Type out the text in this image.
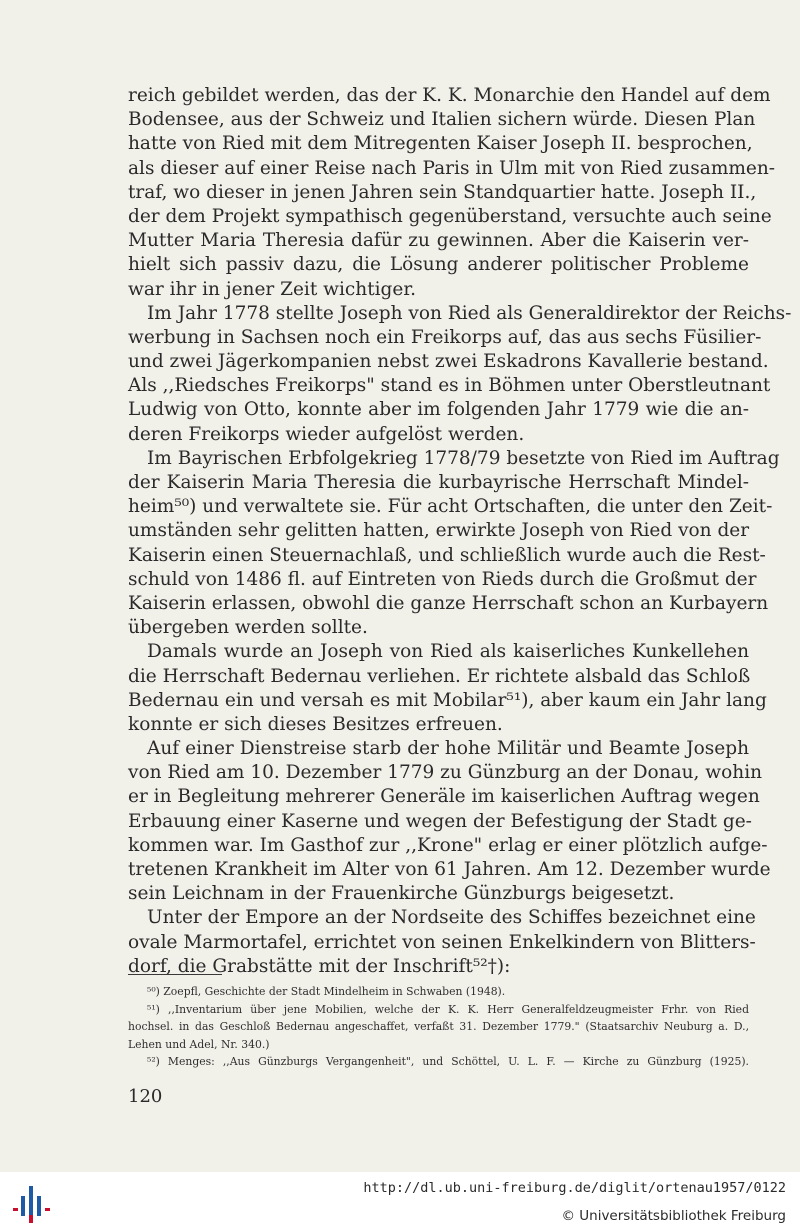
reich gebildet werden, das der K. K. Monarchie den Handel auf dem
Bodensee, aus der Schweiz und Italien sichern würde. Diesen Plan
hatte von Ried mit dem Mitregenten Kaiser Joseph II. besprochen,
als dieser auf einer Reise nach Paris in Ulm mit von Ried zusammen-
traf, wo dieser in jenen Jahren sein Standquartier hatte. Joseph II.,
der dem Projekt sympathisch gegenüberstand, versuchte auch seine
Mutter Maria Theresia dafür zu gewinnen. Aber die Kaiserin ver-
hielt sich passiv dazu, die Lösung anderer politischer Probleme
war ihr in jener Zeit wichtiger.
Im Jahr 1778 stellte Joseph von Ried als Generaldirektor der Reichs-
werbung in Sachsen noch ein Freikorps auf, das aus sechs Füsilier-
und zwei Jägerkompanien nebst zwei Eskadrons Kavallerie bestand.
Als ,,Riedsches Freikorps" stand es in Böhmen unter Oberstleutnant
Ludwig von Otto, konnte aber im folgenden Jahr 1779 wie die an-
deren Freikorps wieder aufgelöst werden.
Im Bayrischen Erbfolgekrieg 1778/79 besetzte von Ried im Auftrag
der Kaiserin Maria Theresia die kurbayrische Herrschaft Mindel-
heim⁵⁰) und verwaltete sie. Für acht Ortschaften, die unter den Zeit-
umständen sehr gelitten hatten, erwirkte Joseph von Ried von der
Kaiserin einen Steuernachlaß, und schließlich wurde auch die Rest-
schuld von 1486 fl. auf Eintreten von Rieds durch die Großmut der
Kaiserin erlassen, obwohl die ganze Herrschaft schon an Kurbayern
übergeben werden sollte.
Damals wurde an Joseph von Ried als kaiserliches Kunkellehen
die Herrschaft Bedernau verliehen. Er richtete alsbald das Schloß
Bedernau ein und versah es mit Mobilar⁵¹), aber kaum ein Jahr lang
konnte er sich dieses Besitzes erfreuen.
Auf einer Dienstreise starb der hohe Militär und Beamte Joseph
von Ried am 10. Dezember 1779 zu Günzburg an der Donau, wohin
er in Begleitung mehrerer Generäle im kaiserlichen Auftrag wegen
Erbauung einer Kaserne und wegen der Befestigung der Stadt ge-
kommen war. Im Gasthof zur ,,Krone" erlag er einer plötzlich aufge-
tretenen Krankheit im Alter von 61 Jahren. Am 12. Dezember wurde
sein Leichnam in der Frauenkirche Günzburgs beigesetzt.
Unter der Empore an der Nordseite des Schiffes bezeichnet eine
ovale Marmortafel, errichtet von seinen Enkelkindern von Blitters-
dorf, die Grabstätte mit der Inschrift⁵²†):
⁵⁰) Zoepfl, Geschichte der Stadt Mindelheim in Schwaben (1948).
⁵¹) ,,Inventarium über jene Mobilien, welche der K. K. Herr Generalfeldzeugmeister Frhr. von Ried
hochsel. in das Geschloß Bedernau angeschaffet, verfaßt 31. Dezember 1779." (Staatsarchiv Neuburg a. D.,
Lehen und Adel, Nr. 340.)
⁵²) Menges: ,,Aus Günzburgs Vergangenheit", und Schöttel, U. L. F. — Kirche zu Günzburg (1925).
120
http://dl.ub.uni-freiburg.de/diglit/ortenau1957/0122
© Universitätsbibliothek Freiburg
